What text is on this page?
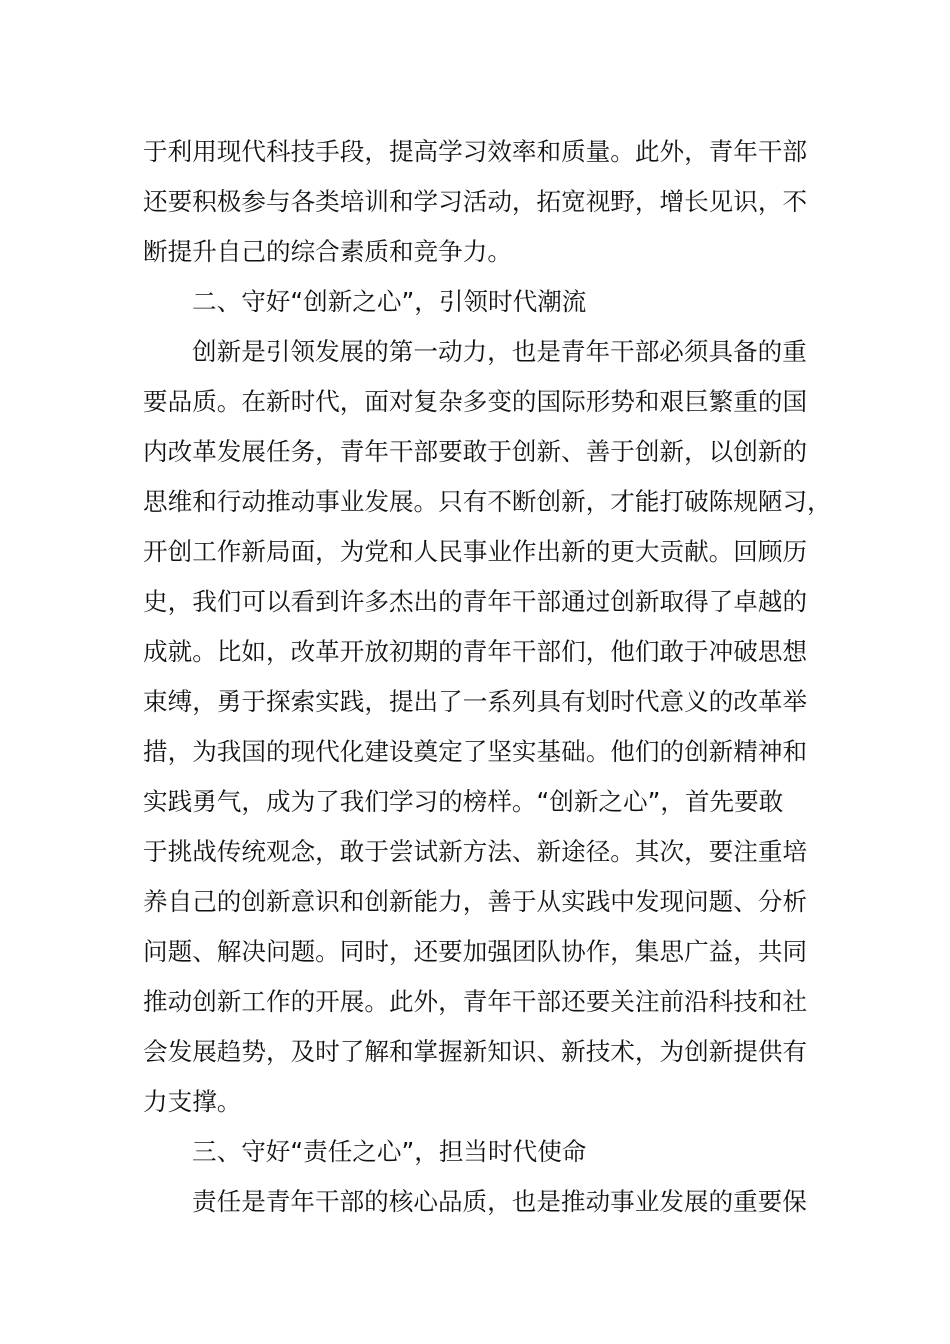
于利用现代科技手段，提高学习效率和质量。此外，青年干部
还要积极参与各类培训和学习活动，拓宽视野，增长见识，不
断提升自己的综合素质和竞争力。
二、守好“创新之心”，引领时代潮流
创新是引领发展的第一动力，也是青年干部必须具备的重
要品质。在新时代，面对复杂多变的国际形势和艰巨繁重的国
内改革发展任务，青年干部要敢于创新、善于创新，以创新的
思维和行动推动事业发展。只有不断创新，才能打破陈规陋习，
开创工作新局面，为党和人民事业作出新的更大贡献。回顾历
史，我们可以看到许多杰出的青年干部通过创新取得了卓越的
成就。比如，改革开放初期的青年干部们，他们敢于冲破思想
束缚，勇于探索实践，提出了一系列具有划时代意义的改革举
措，为我国的现代化建设奠定了坚实基础。他们的创新精神和
实践勇气，成为了我们学习的榜样。“创新之心”，首先要敢
于挑战传统观念，敢于尝试新方法、新途径。其次，要注重培
养自己的创新意识和创新能力，善于从实践中发现问题、分析
问题、解决问题。同时，还要加强团队协作，集思广益，共同
推动创新工作的开展。此外，青年干部还要关注前沿科技和社
会发展趋势，及时了解和掌握新知识、新技术，为创新提供有
力支撑。
三、守好“责任之心”，担当时代使命
责任是青年干部的核心品质，也是推动事业发展的重要保
